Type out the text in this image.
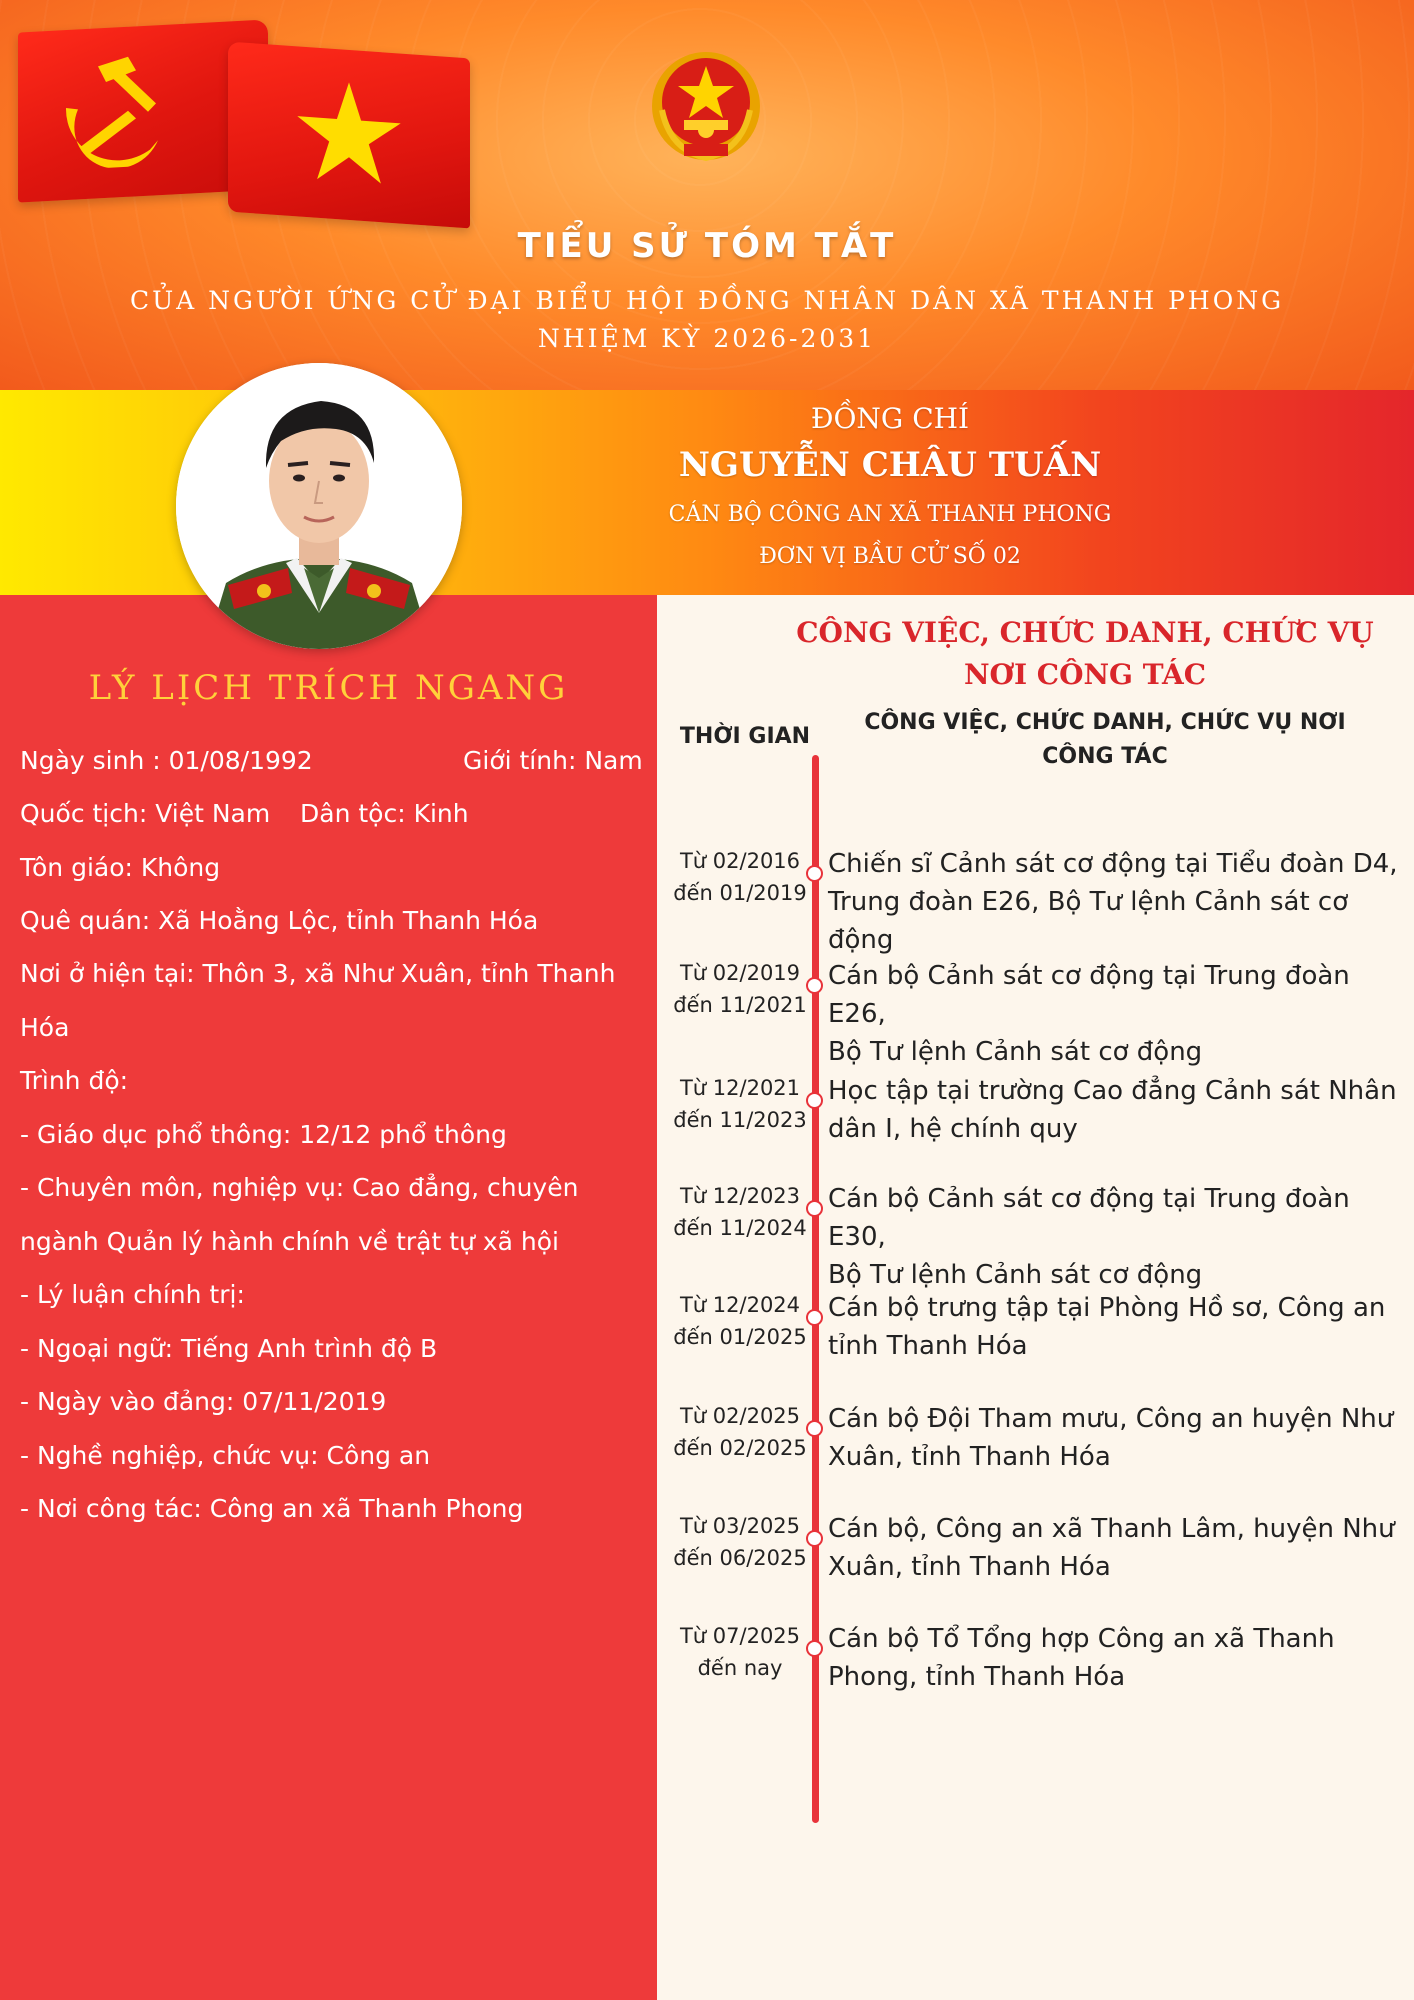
TIỂU SỬ TÓM TẮT
CỦA NGƯỜI ỨNG CỬ ĐẠI BIỂU HỘI ĐỒNG NHÂN DÂN XÃ THANH PHONG
NHIỆM KỲ 2026-2031
ĐỒNG CHÍ
NGUYỄN CHÂU TUẤN
CÁN BỘ CÔNG AN XÃ THANH PHONG
ĐƠN VỊ BẦU CỬ SỐ 02
LÝ LỊCH TRÍCH NGANG
Ngày sinh : 01/08/1992	Giới tính: Nam
Quốc tịch: Việt Nam Dân tộc: Kinh
Tôn giáo: Không
Quê quán: Xã Hoằng Lộc, tỉnh Thanh Hóa
Nơi ở hiện tại: Thôn 3, xã Như Xuân, tỉnh Thanh
Hóa
Trình độ:
- Giáo dục phổ thông: 12/12 phổ thông
- Chuyên môn, nghiệp vụ: Cao đẳng, chuyên
ngành Quản lý hành chính về trật tự xã hội
- Lý luận chính trị:
- Ngoại ngữ: Tiếng Anh trình độ B
- Ngày vào đảng: 07/11/2019
- Nghề nghiệp, chức vụ: Công an
- Nơi công tác: Công an xã Thanh Phong
CÔNG VIỆC, CHỨC DANH, CHỨC VỤ
NƠI CÔNG TÁC
THỜI GIAN
CÔNG VIỆC, CHỨC DANH, CHỨC VỤ NƠI
CÔNG TÁC
Từ 02/2016
đến 01/2019
Chiến sĩ Cảnh sát cơ động tại Tiểu đoàn D4,
Trung đoàn E26, Bộ Tư lệnh Cảnh sát cơ động
Từ 02/2019
đến 11/2021
Cán bộ Cảnh sát cơ động tại Trung đoàn E26,
Bộ Tư lệnh Cảnh sát cơ động
Từ 12/2021
đến 11/2023
Học tập tại trường Cao đẳng Cảnh sát Nhân
dân I, hệ chính quy
Từ 12/2023
đến 11/2024
Cán bộ Cảnh sát cơ động tại Trung đoàn E30,
Bộ Tư lệnh Cảnh sát cơ động
Từ 12/2024
đến 01/2025
Cán bộ trưng tập tại Phòng Hồ sơ, Công an
tỉnh Thanh Hóa
Từ 02/2025
đến 02/2025
Cán bộ Đội Tham mưu, Công an huyện Như
Xuân, tỉnh Thanh Hóa
Từ 03/2025
đến 06/2025
Cán bộ, Công an xã Thanh Lâm, huyện Như
Xuân, tỉnh Thanh Hóa
Từ 07/2025
đến nay
Cán bộ Tổ Tổng hợp Công an xã Thanh
Phong, tỉnh Thanh Hóa
